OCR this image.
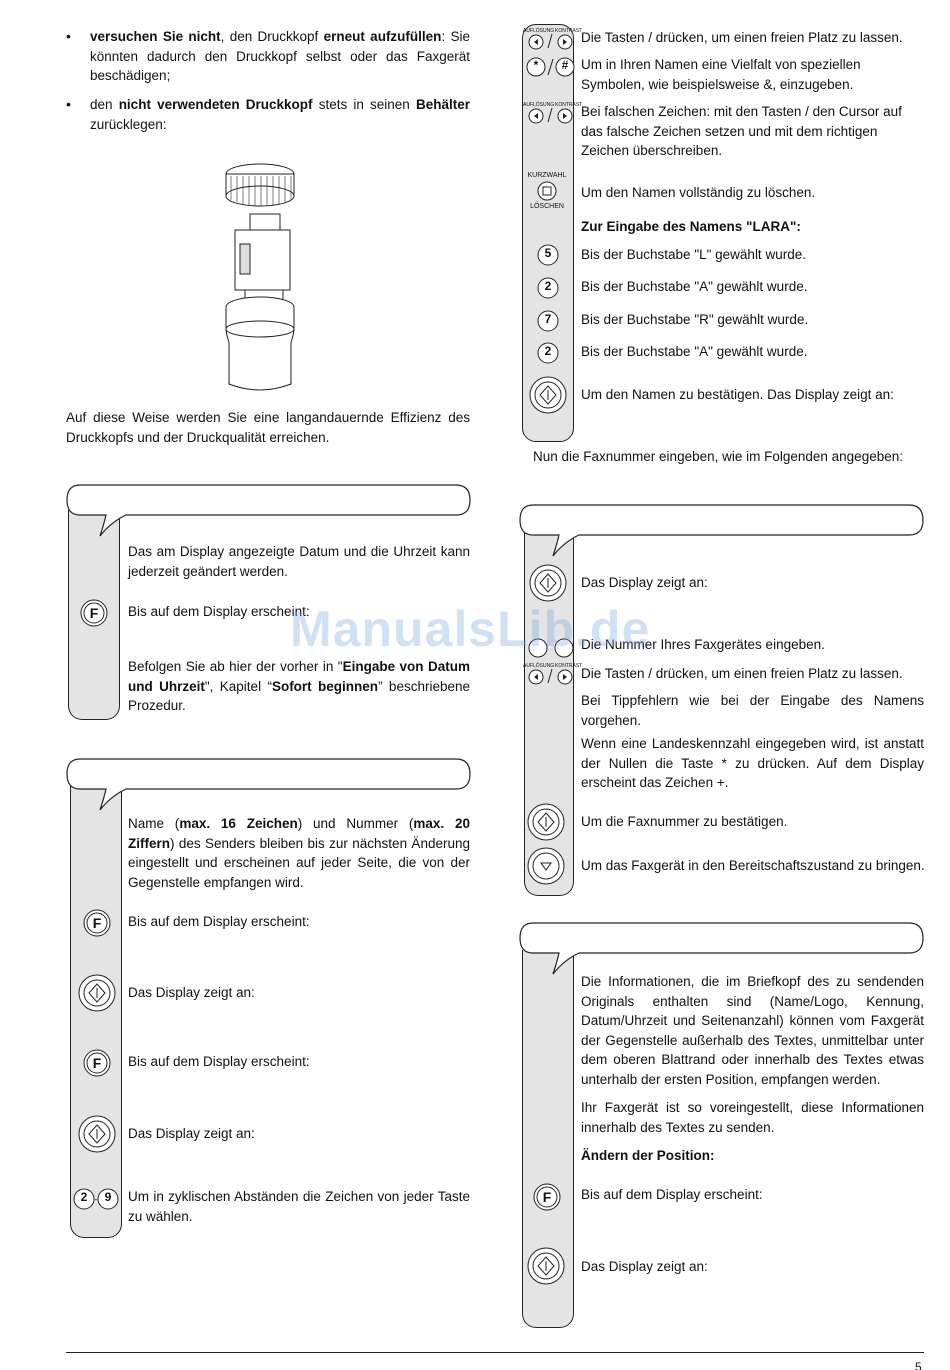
• versuchen Sie nicht, den Druckkopf erneut aufzufüllen: Sie könnten dadurch den Druckkopf selbst oder das Faxgerät beschädigen;
• den nicht verwendeten Druckkopf stets in seinen Behälter zurücklegen:
Auf diese Weise werden Sie eine langandauernde Effizienz des Druckkopfs und der Druckqualität erreichen.
Das am Display angezeigte Datum und die Uhrzeit kann jederzeit geändert werden.
F	Bis auf dem Display erscheint:
Befolgen Sie ab hier der vorher in "Eingabe von Datum und Uhrzeit", Kapitel “Sofort beginnen” beschriebene Prozedur.
Name (max. 16 Zeichen) und Nummer (max. 20 Ziffern) des Senders bleiben bis zur nächsten Änderung eingestellt und erscheinen auf jeder Seite, die von der Gegenstelle empfangen wird.
F	Bis auf dem Display erscheint:
Das Display zeigt an:
F	Bis auf dem Display erscheint:
Das Display zeigt an:
-
2	9	Um in zyklischen Abständen die Zeichen von jeder Taste zu wählen.
AUFLÖSUNG KONTRAST
Die Tasten / drücken, um einen freien Platz zu lassen.
*	# Um in Ihren Namen eine Vielfalt von speziellen Symbolen, wie beispielsweise &, einzugeben.
AUFLÖSUNG KONTRAST
Bei falschen Zeichen: mit den Tasten / den Cursor auf das falsche Zeichen setzen und mit dem richtigen Zeichen überschreiben.
KURZWAHL
LÖSCHEN
Um den Namen vollständig zu löschen.
Zur Eingabe des Namens "LARA":
5	Bis der Buchstabe "L" gewählt wurde.
2	Bis der Buchstabe "A" gewählt wurde.
7	Bis der Buchstabe "R" gewählt wurde.
2	Bis der Buchstabe "A" gewählt wurde.
Um den Namen zu bestätigen. Das Display zeigt an:
Nun die Faxnummer eingeben, wie im Folgenden angegeben:
Das Display zeigt an:
Die Nummer Ihres Faxgerätes eingeben.
AUFLÖSUNG KONTRAST
Die Tasten / drücken, um einen freien Platz zu lassen.
Bei Tippfehlern wie bei der Eingabe des Namens vorgehen.
Wenn eine Landeskennzahl eingegeben wird, ist anstatt der Nullen die Taste * zu drücken. Auf dem Display erscheint das Zeichen +.
Um die Faxnummer zu bestätigen.
Um das Faxgerät in den Bereitschaftszustand zu bringen.
Die Informationen, die im Briefkopf des zu sendenden Originals enthalten sind (Name/Logo, Kennung, Datum/Uhrzeit und Seitenanzahl) können vom Faxgerät der Gegenstelle außerhalb des Textes, unmittelbar unter dem oberen Blattrand oder innerhalb des Textes etwas unterhalb der ersten Position, empfangen werden.
Ihr Faxgerät ist so voreingestellt, diese Informationen innerhalb des Textes zu senden.
Ändern der Position:
F	Bis auf dem Display erscheint:
Das Display zeigt an:
ManualsLib.de
5
